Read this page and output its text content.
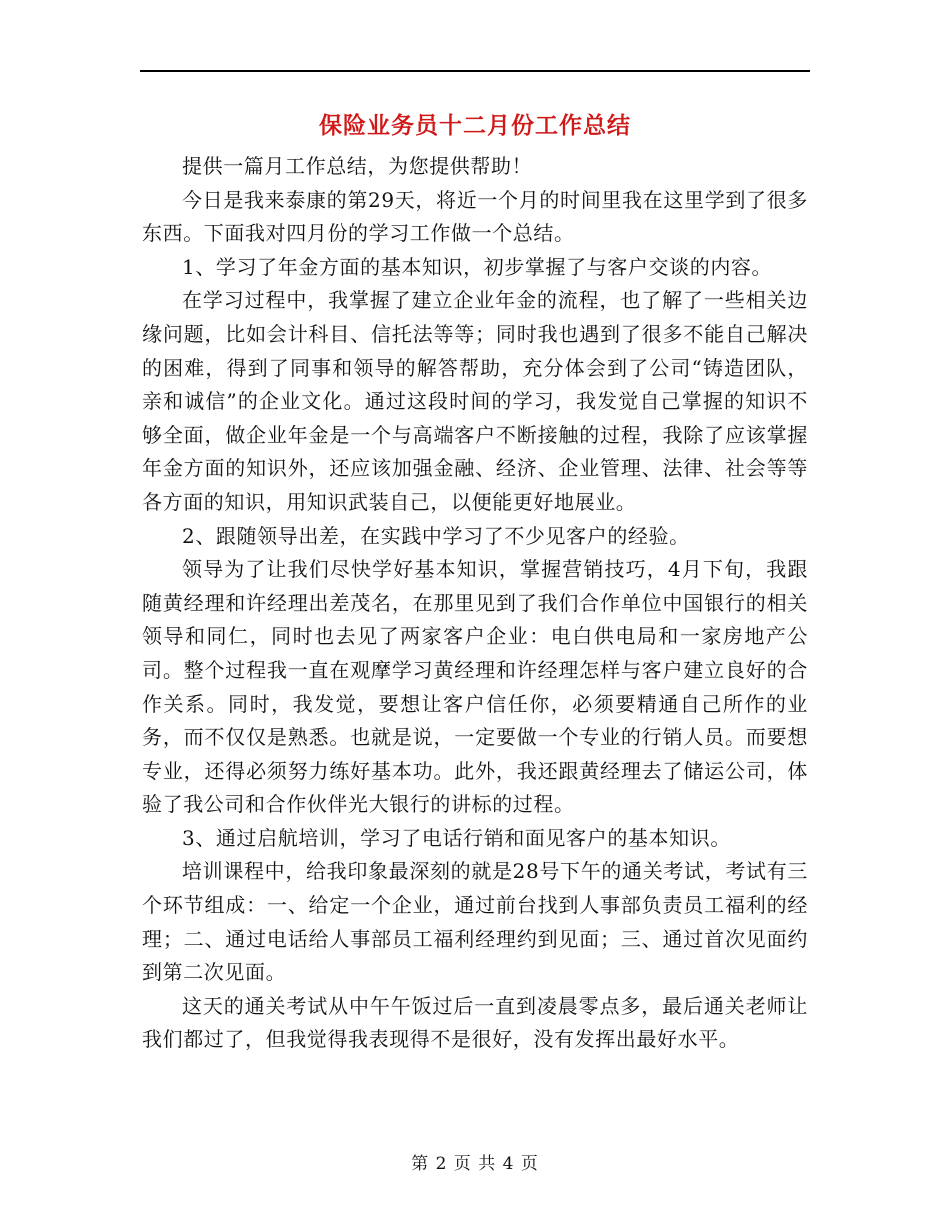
保险业务员十二月份工作总结

提供一篇月工作总结，为您提供帮助！

今日是我来泰康的第29天，将近一个月的时间里我在这里学到了很多东西。下面我对四月份的学习工作做一个总结。

1、学习了年金方面的基本知识，初步掌握了与客户交谈的内容。

在学习过程中，我掌握了建立企业年金的流程，也了解了一些相关边缘问题，比如会计科目、信托法等等；同时我也遇到了很多不能自己解决的困难，得到了同事和领导的解答帮助，充分体会到了公司“铸造团队，亲和诚信”的企业文化。通过这段时间的学习，我发觉自己掌握的知识不够全面，做企业年金是一个与高端客户不断接触的过程，我除了应该掌握年金方面的知识外，还应该加强金融、经济、企业管理、法律、社会等等各方面的知识，用知识武装自己，以便能更好地展业。

2、跟随领导出差，在实践中学习了不少见客户的经验。

领导为了让我们尽快学好基本知识，掌握营销技巧，4月下旬，我跟随黄经理和许经理出差茂名，在那里见到了我们合作单位中国银行的相关领导和同仁，同时也去见了两家客户企业：电白供电局和一家房地产公司。整个过程我一直在观摩学习黄经理和许经理怎样与客户建立良好的合作关系。同时，我发觉，要想让客户信任你，必须要精通自己所作的业务，而不仅仅是熟悉。也就是说，一定要做一个专业的行销人员。而要想专业，还得必须努力练好基本功。此外，我还跟黄经理去了储运公司，体验了我公司和合作伙伴光大银行的讲标的过程。

3、通过启航培训，学习了电话行销和面见客户的基本知识。

培训课程中，给我印象最深刻的就是28号下午的通关考试，考试有三个环节组成：一、给定一个企业，通过前台找到人事部负责员工福利的经理；二、通过电话给人事部员工福利经理约到见面；三、通过首次见面约到第二次见面。

这天的通关考试从中午午饭过后一直到凌晨零点多，最后通关老师让我们都过了，但我觉得我表现得不是很好，没有发挥出最好水平。

第 2 页 共 4 页
